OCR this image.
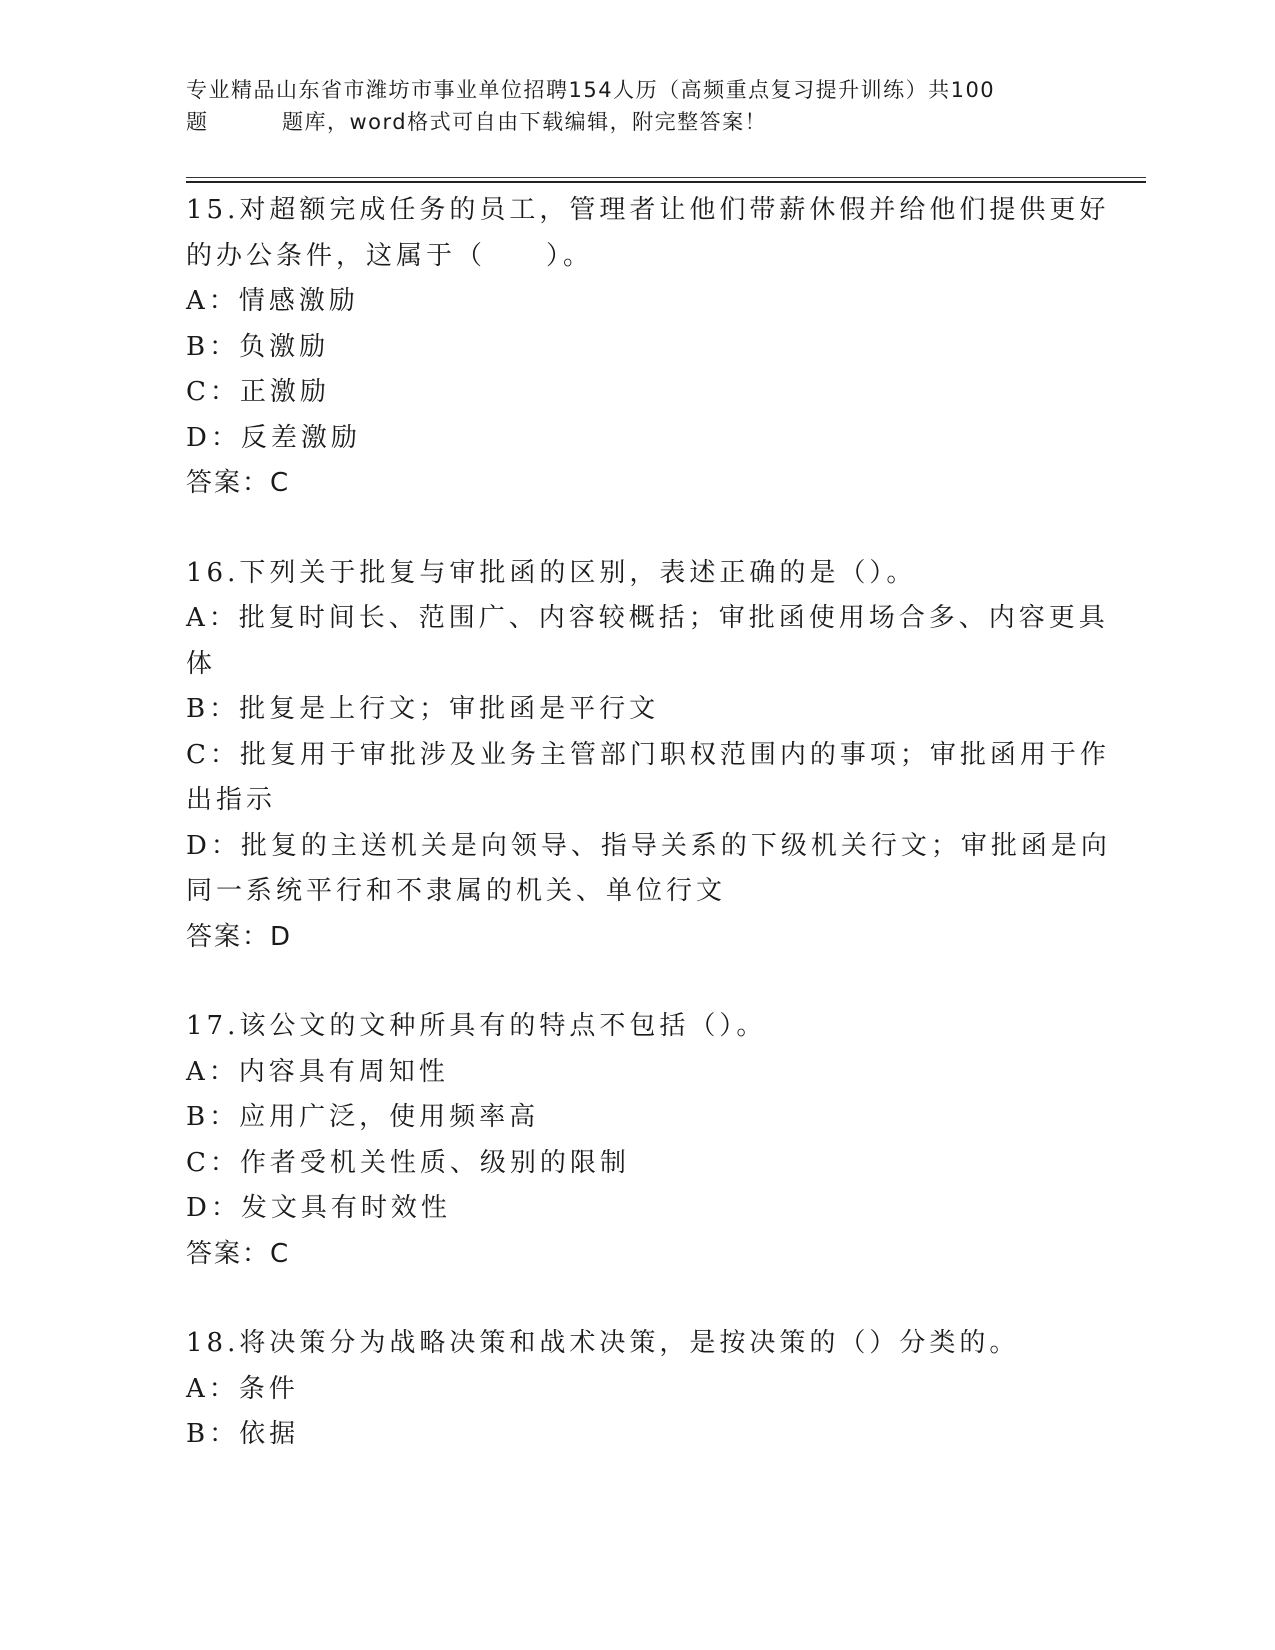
专业精品山东省市潍坊市事业单位招聘154人历（高频重点复习提升训练）共100
题	题库，word格式可自由下载编辑，附完整答案！
15.对超额完成任务的员工，管理者让他们带薪休假并给他们提供更好
的办公条件，这属于（　　）。
A：情感激励
B：负激励
C：正激励
D：反差激励
答案：C
16.下列关于批复与审批函的区别，表述正确的是（）。
A：批复时间长、范围广、内容较概括；审批函使用场合多、内容更具
体
B：批复是上行文；审批函是平行文
C：批复用于审批涉及业务主管部门职权范围内的事项；审批函用于作
出指示
D：批复的主送机关是向领导、指导关系的下级机关行文；审批函是向
同一系统平行和不隶属的机关、单位行文
答案：D
17.该公文的文种所具有的特点不包括（）。
A：内容具有周知性
B：应用广泛，使用频率高
C：作者受机关性质、级别的限制
D：发文具有时效性
答案：C
18.将决策分为战略决策和战术决策，是按决策的（）分类的。
A：条件
B：依据
